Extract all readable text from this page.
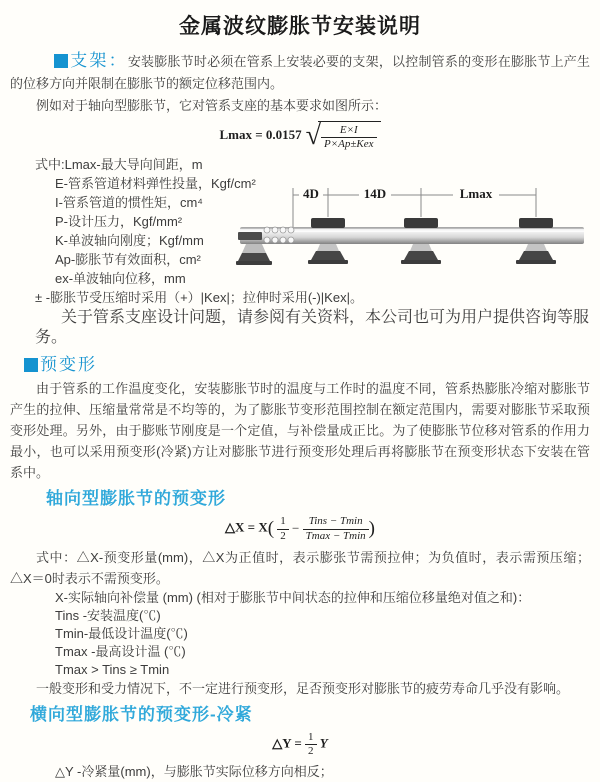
金属波纹膨胀节安装说明

支架：安装膨胀节时必须在管系上安装必要的支架，以控制管系的变形在膨胀节上产生的位移方向并限制在膨胀节的额定位移范围内。

例如对于轴向型膨胀节，它对管系支座的基本要求如图所示：

Lmax = 0.0157 √ $\frac{E\times I}{\text{P×Ap±Kex}}$
式中:Lmax-最大导向间距，m
E-管系管道材料弹性投量，Kgf/cm²
I-管系管道的惯性矩，cm⁴
P-设计压力，Kgf/mm²
K-单波轴向刚度；Kgf/mm
Ap-膨胀节有效面积，cm²
ex-单波轴向位移，mm
4D	14D	Lmax
± -膨胀节受压缩时采用（+）|Kex|；拉伸时采用(-)|Kex|。
关于管系支座设计问题，请参阅有关资料，本公司也可为用户提供咨询等服务。
预变形

由于管系的工作温度变化，安装膨胀节时的温度与工作时的温度不同，管系热膨胀冷缩对膨胀节产生的拉伸、压缩量常常是不均等的，为了膨胀节变形范围控制在额定范围内，需要对膨胀节采取预变形处理。另外，由于膨账节刚度是一个定值，与补偿量成正比。为了使膨胀节位移对管系的作用力最小，也可以采用预变形(冷紧)方让对膨胀节进行预变形处理后再将膨胀节在预变形状态下安装在管系中。

轴向型膨胀节的预变形
△X = $X( \frac{1}{2} - \frac{\text{Tins − Tmin}}{Tmax - Tmin}$ )

式中：△X-预变形量(mm)，△X为正值时，表示膨张节需预拉伸；为负值时，表示需预压缩；△X＝0时表示不需预变形。

X-实际轴向补偿量 (mm) (相对于膨胀节中间状态的拉伸和压缩位移量绝对值之和)：
Tins -安装温度(℃)
Tmin-最低设计温度(℃)
Tmax -最高设计温 (℃)
Tmax > Tins ≥ Tmin

一般变形和受力情况下，不一定进行预变形，足否预变形对膨胀节的疲劳寿命几乎没有影响。

横向型膨胀节的预变形-冷紧
△Y = $\frac{1}{2}$ Y
△Y -冷紧量(mm)，与膨胀节实际位移方向相反；
